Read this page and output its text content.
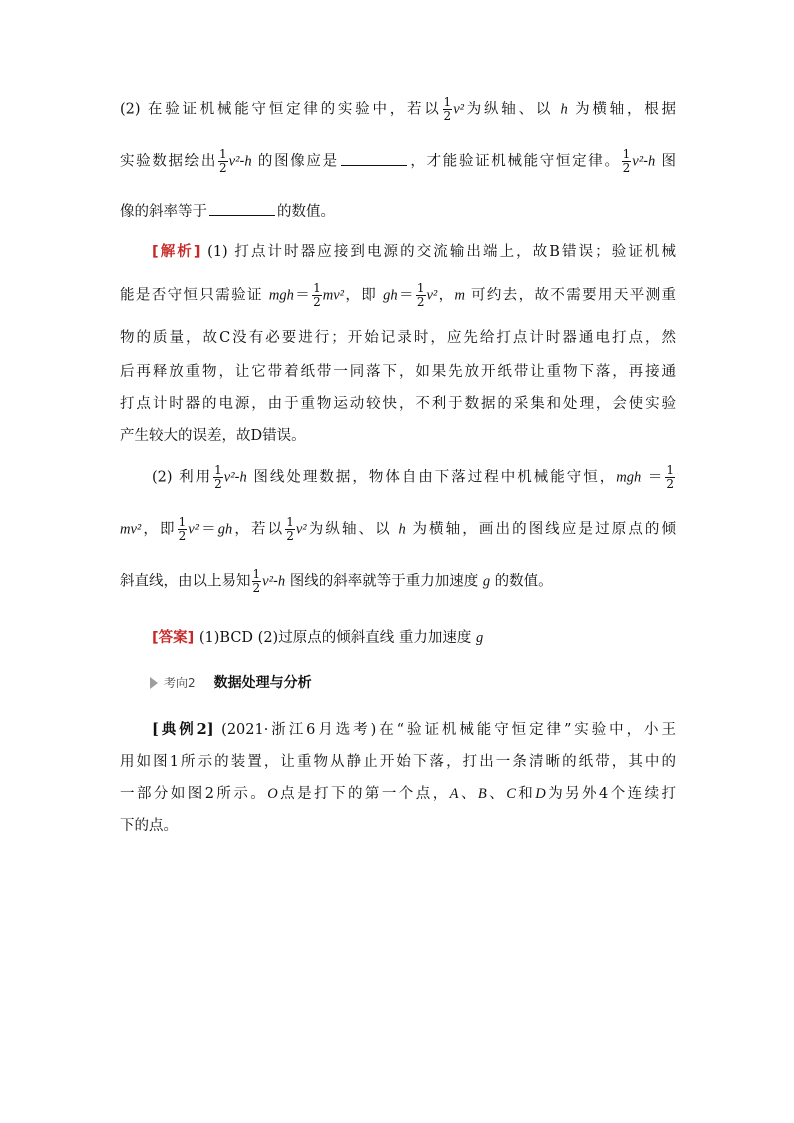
(2) 在验证机械能守恒定律的实验中，若以 $\frac{1}{2} v^2$为纵轴、以 h 为横轴，根据
实验数据绘出 $\frac{1}{2} v^2-h$ 的图像应是	，才能验证机械能守恒定律。 $\frac{1}{2} v^2-h$ 图
像的斜率等于	的数值。
[解析] (1) 打点计时器应接到电源的交流输出端上，故B错误；验证机械
能是否守恒只需验证 $mgh= \frac{1}{2} mv^2$，即 $gh= \frac{1}{2} v^2$，m 可约去，故不需要用天平测重
物的质量，故C没有必要进行；开始记录时，应先给打点计时器通电打点，然
后再释放重物，让它带着纸带一同落下，如果先放开纸带让重物下落，再接通
打点计时器的电源，由于重物运动较快，不利于数据的采集和处理，会使实验
产生较大的误差，故D错误。
(2) 利用 $\frac{1}{2} v^2-h$ 图线处理数据，物体自由下落过程中机械能守恒，mgh ＝ $\frac{1}{2}$
mv²，即 $\frac{1}{2} v^2=gh$，若以 $\frac{1}{2} v^2$为纵轴、以 h 为横轴，画出的图线应是过原点的倾
斜直线，由以上易知 $\frac{1}{2} v^2-h$ 图线的斜率就等于重力加速度 g 的数值。
[答案] (1)BCD (2)过原点的倾斜直线 重力加速度 g
考向2 数据处理与分析
[典例2] (2021·浙江6月选考)在“验证机械能守恒定律”实验中，小王
用如图1所示的装置，让重物从静止开始下落，打出一条清晰的纸带，其中的
一部分如图2所示。O点是打下的第一个点，A、B、C和D为另外4个连续打
下的点。
